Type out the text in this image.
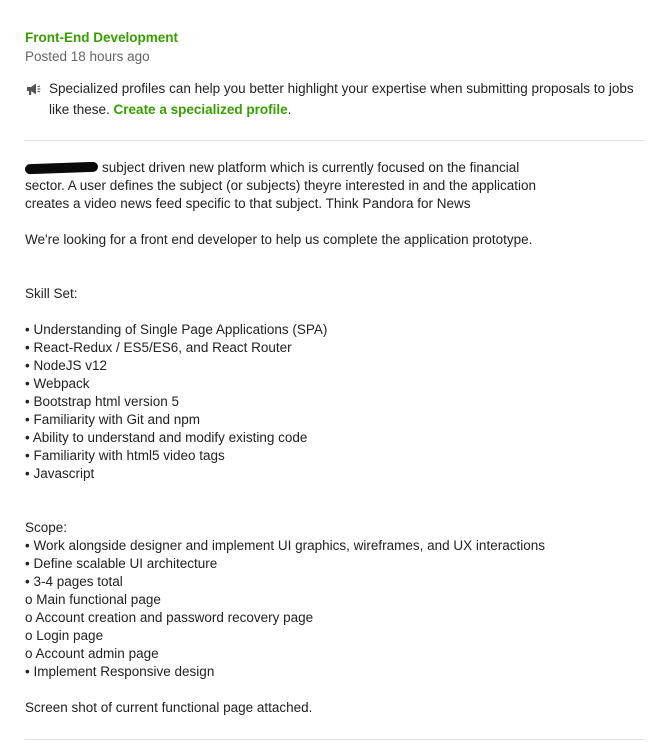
Front-End Development
Posted 18 hours ago
Specialized profiles can help you better highlight your expertise when submitting proposals to jobs like these. Create a specialized profile.
subject driven new platform which is currently focused on the financial
sector. A user defines the subject (or subjects) theyre interested in and the application
creates a video news feed specific to that subject. Think Pandora for News
We're looking for a front end developer to help us complete the application prototype.
Skill Set:
• Understanding of Single Page Applications (SPA)
• React-Redux / ES5/ES6, and React Router
• NodeJS v12
• Webpack
• Bootstrap html version 5
• Familiarity with Git and npm
• Ability to understand and modify existing code
• Familiarity with html5 video tags
• Javascript
Scope:
• Work alongside designer and implement UI graphics, wireframes, and UX interactions
• Define scalable UI architecture
• 3-4 pages total
o Main functional page
o Account creation and password recovery page
o Login page
o Account admin page
• Implement Responsive design
Screen shot of current functional page attached.
